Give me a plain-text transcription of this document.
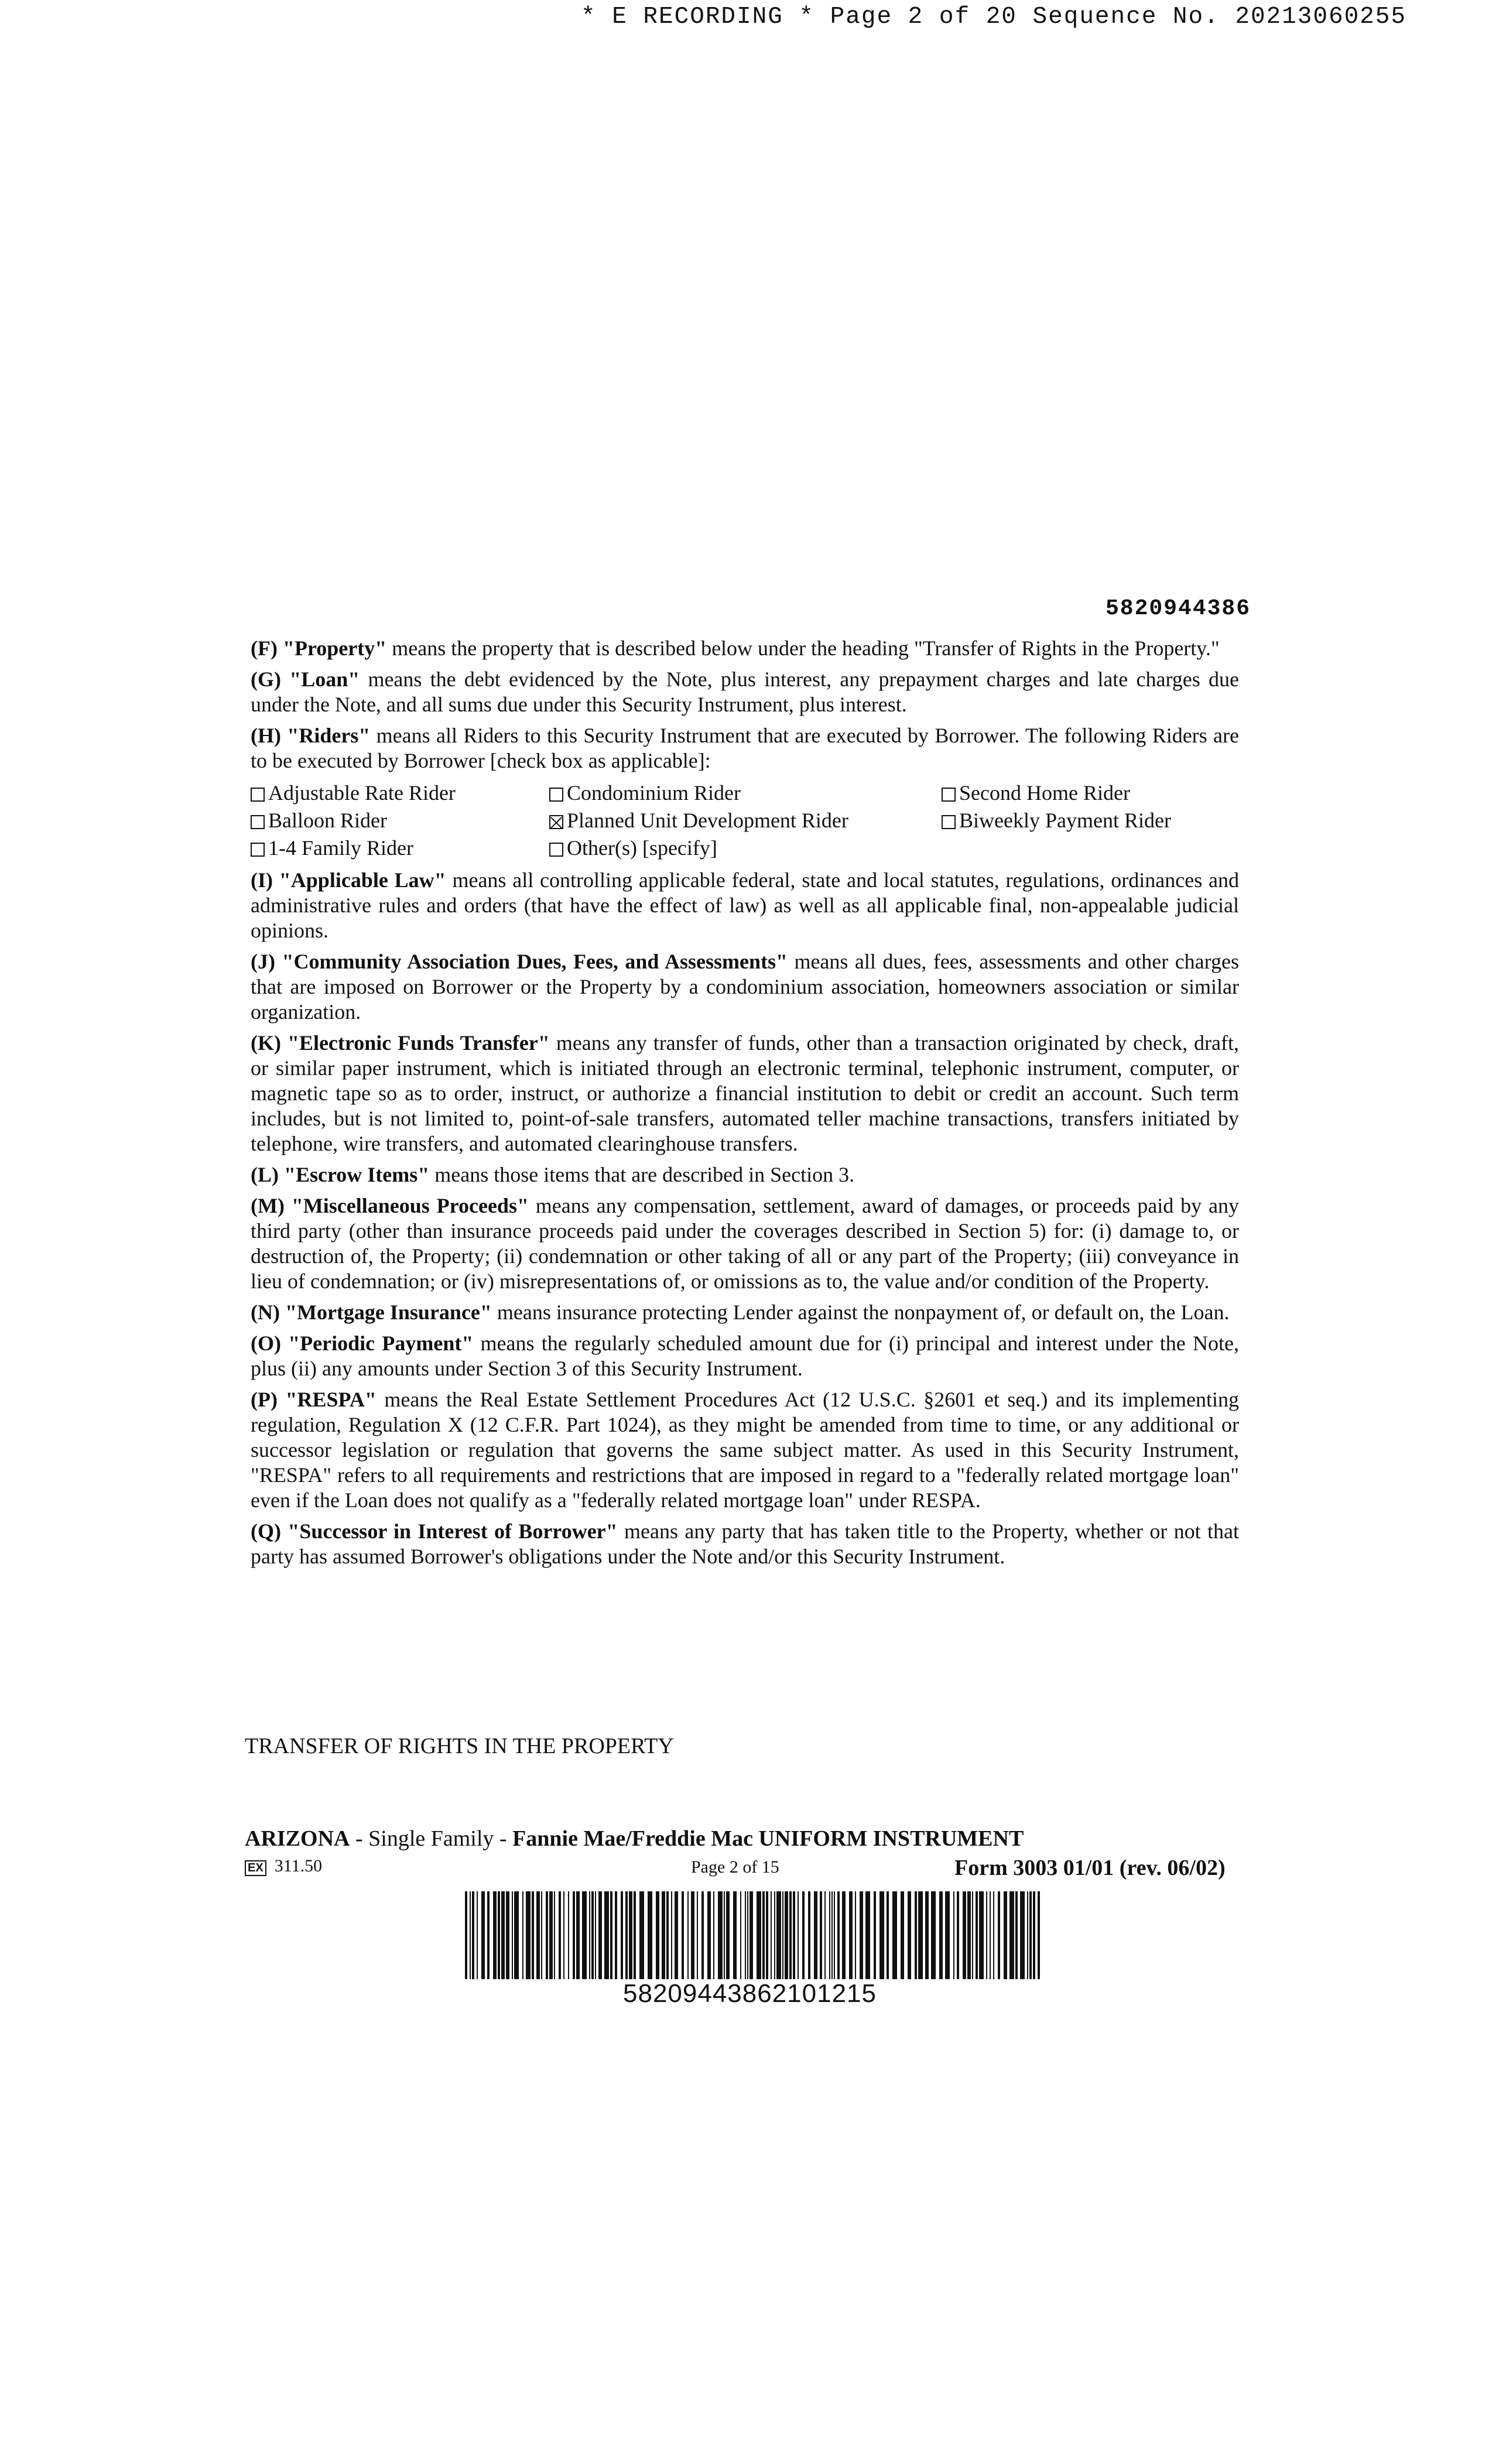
* E RECORDING * Page 2 of 20 Sequence No. 20213060255
5820944386

(F) "Property" means the property that is described below under the heading "Transfer of Rights in the Property."

(G) "Loan" means the debt evidenced by the Note, plus interest, any prepayment charges and late charges due under the Note, and all sums due under this Security Instrument, plus interest.

(H) "Riders" means all Riders to this Security Instrument that are executed by Borrower. The following Riders are to be executed by Borrower [check box as applicable]:

Adjustable Rate Rider	Condominium Rider	Second Home Rider
Balloon Rider	Planned Unit Development Rider	Biweekly Payment Rider
1-4 Family Rider	Other(s) [specify]

(I) "Applicable Law" means all controlling applicable federal, state and local statutes, regulations, ordinances and administrative rules and orders (that have the effect of law) as well as all applicable final, non-appealable judicial opinions.

(J) "Community Association Dues, Fees, and Assessments" means all dues, fees, assessments and other charges that are imposed on Borrower or the Property by a condominium association, homeowners association or similar organization.

(K) "Electronic Funds Transfer" means any transfer of funds, other than a transaction originated by check, draft, or similar paper instrument, which is initiated through an electronic terminal, telephonic instrument, computer, or magnetic tape so as to order, instruct, or authorize a financial institution to debit or credit an account. Such term includes, but is not limited to, point-of-sale transfers, automated teller machine transactions, transfers initiated by telephone, wire transfers, and automated clearinghouse transfers.

(L) "Escrow Items" means those items that are described in Section 3.

(M) "Miscellaneous Proceeds" means any compensation, settlement, award of damages, or proceeds paid by any third party (other than insurance proceeds paid under the coverages described in Section 5) for: (i) damage to, or destruction of, the Property; (ii) condemnation or other taking of all or any part of the Property; (iii) conveyance in lieu of condemnation; or (iv) misrepresentations of, or omissions as to, the value and/or condition of the Property.

(N) "Mortgage Insurance" means insurance protecting Lender against the nonpayment of, or default on, the Loan.

(O) "Periodic Payment" means the regularly scheduled amount due for (i) principal and interest under the Note, plus (ii) any amounts under Section 3 of this Security Instrument.

(P) "RESPA" means the Real Estate Settlement Procedures Act (12 U.S.C. §2601 et seq.) and its implementing regulation, Regulation X (12 C.F.R. Part 1024), as they might be amended from time to time, or any additional or successor legislation or regulation that governs the same subject matter. As used in this Security Instrument, "RESPA" refers to all requirements and restrictions that are imposed in regard to a "federally related mortgage loan" even if the Loan does not qualify as a "federally related mortgage loan" under RESPA.

(Q) "Successor in Interest of Borrower" means any party that has taken title to the Property, whether or not that party has assumed Borrower's obligations under the Note and/or this Security Instrument.

TRANSFER OF RIGHTS IN THE PROPERTY
ARIZONA - Single Family - Fannie Mae/Freddie Mac UNIFORM INSTRUMENT
EX 311.50	Page 2 of 15	Form 3003 01/01 (rev. 06/02)
58209443862101215
